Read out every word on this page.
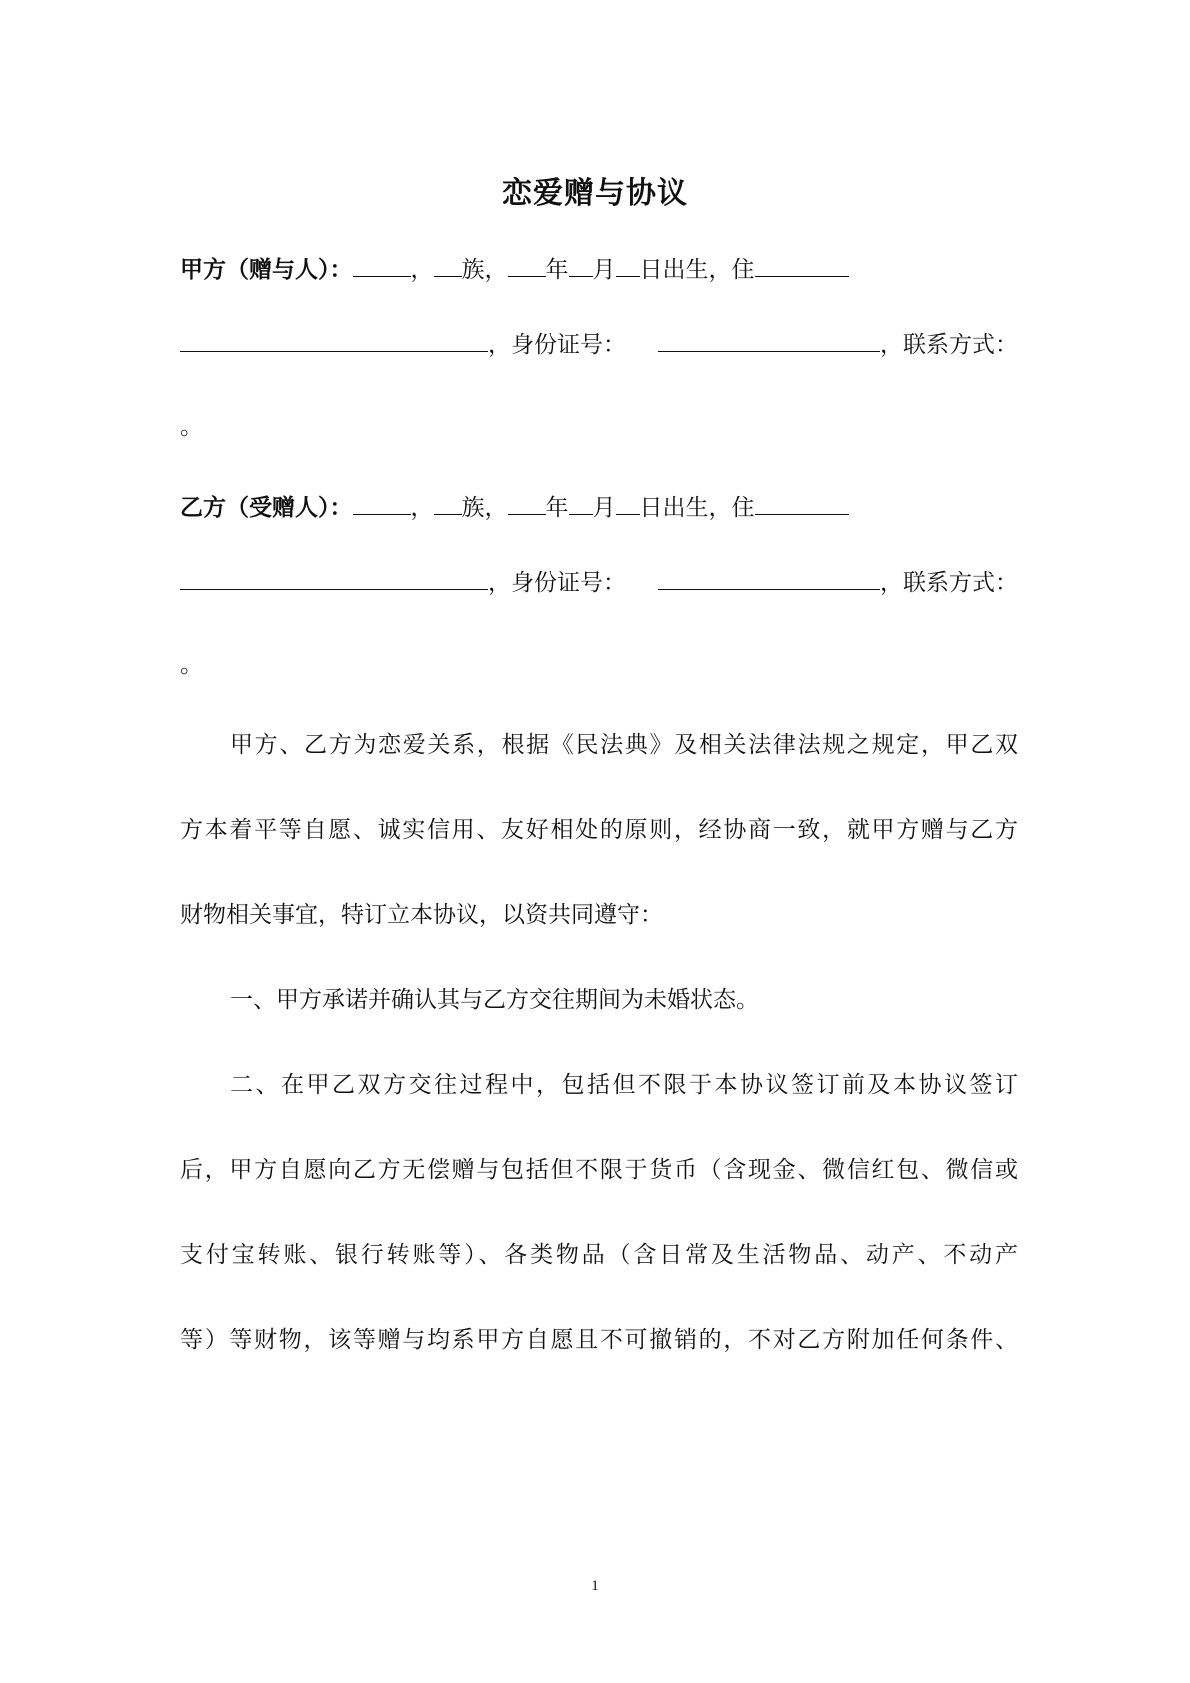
恋爱赠与协议

甲方（赠与人）：	， 族， 年 月 日出生，住

，身份证号：	，联系方式：

。

乙方（受赠人）：	， 族， 年 月 日出生，住

，身份证号：	，联系方式：

。

甲方、乙方为恋爱关系，根据《民法典》及相关法律法规之规定，甲乙双

方本着平等自愿、诚实信用、友好相处的原则，经协商一致，就甲方赠与乙方

财物相关事宜，特订立本协议，以资共同遵守：

一、甲方承诺并确认其与乙方交往期间为未婚状态。

二、在甲乙双方交往过程中，包括但不限于本协议签订前及本协议签订

后，甲方自愿向乙方无偿赠与包括但不限于货币（含现金、微信红包、微信或

支付宝转账、银行转账等）、各类物品（含日常及生活物品、动产、不动产

等）等财物，该等赠与均系甲方自愿且不可撤销的，不对乙方附加任何条件、

1
